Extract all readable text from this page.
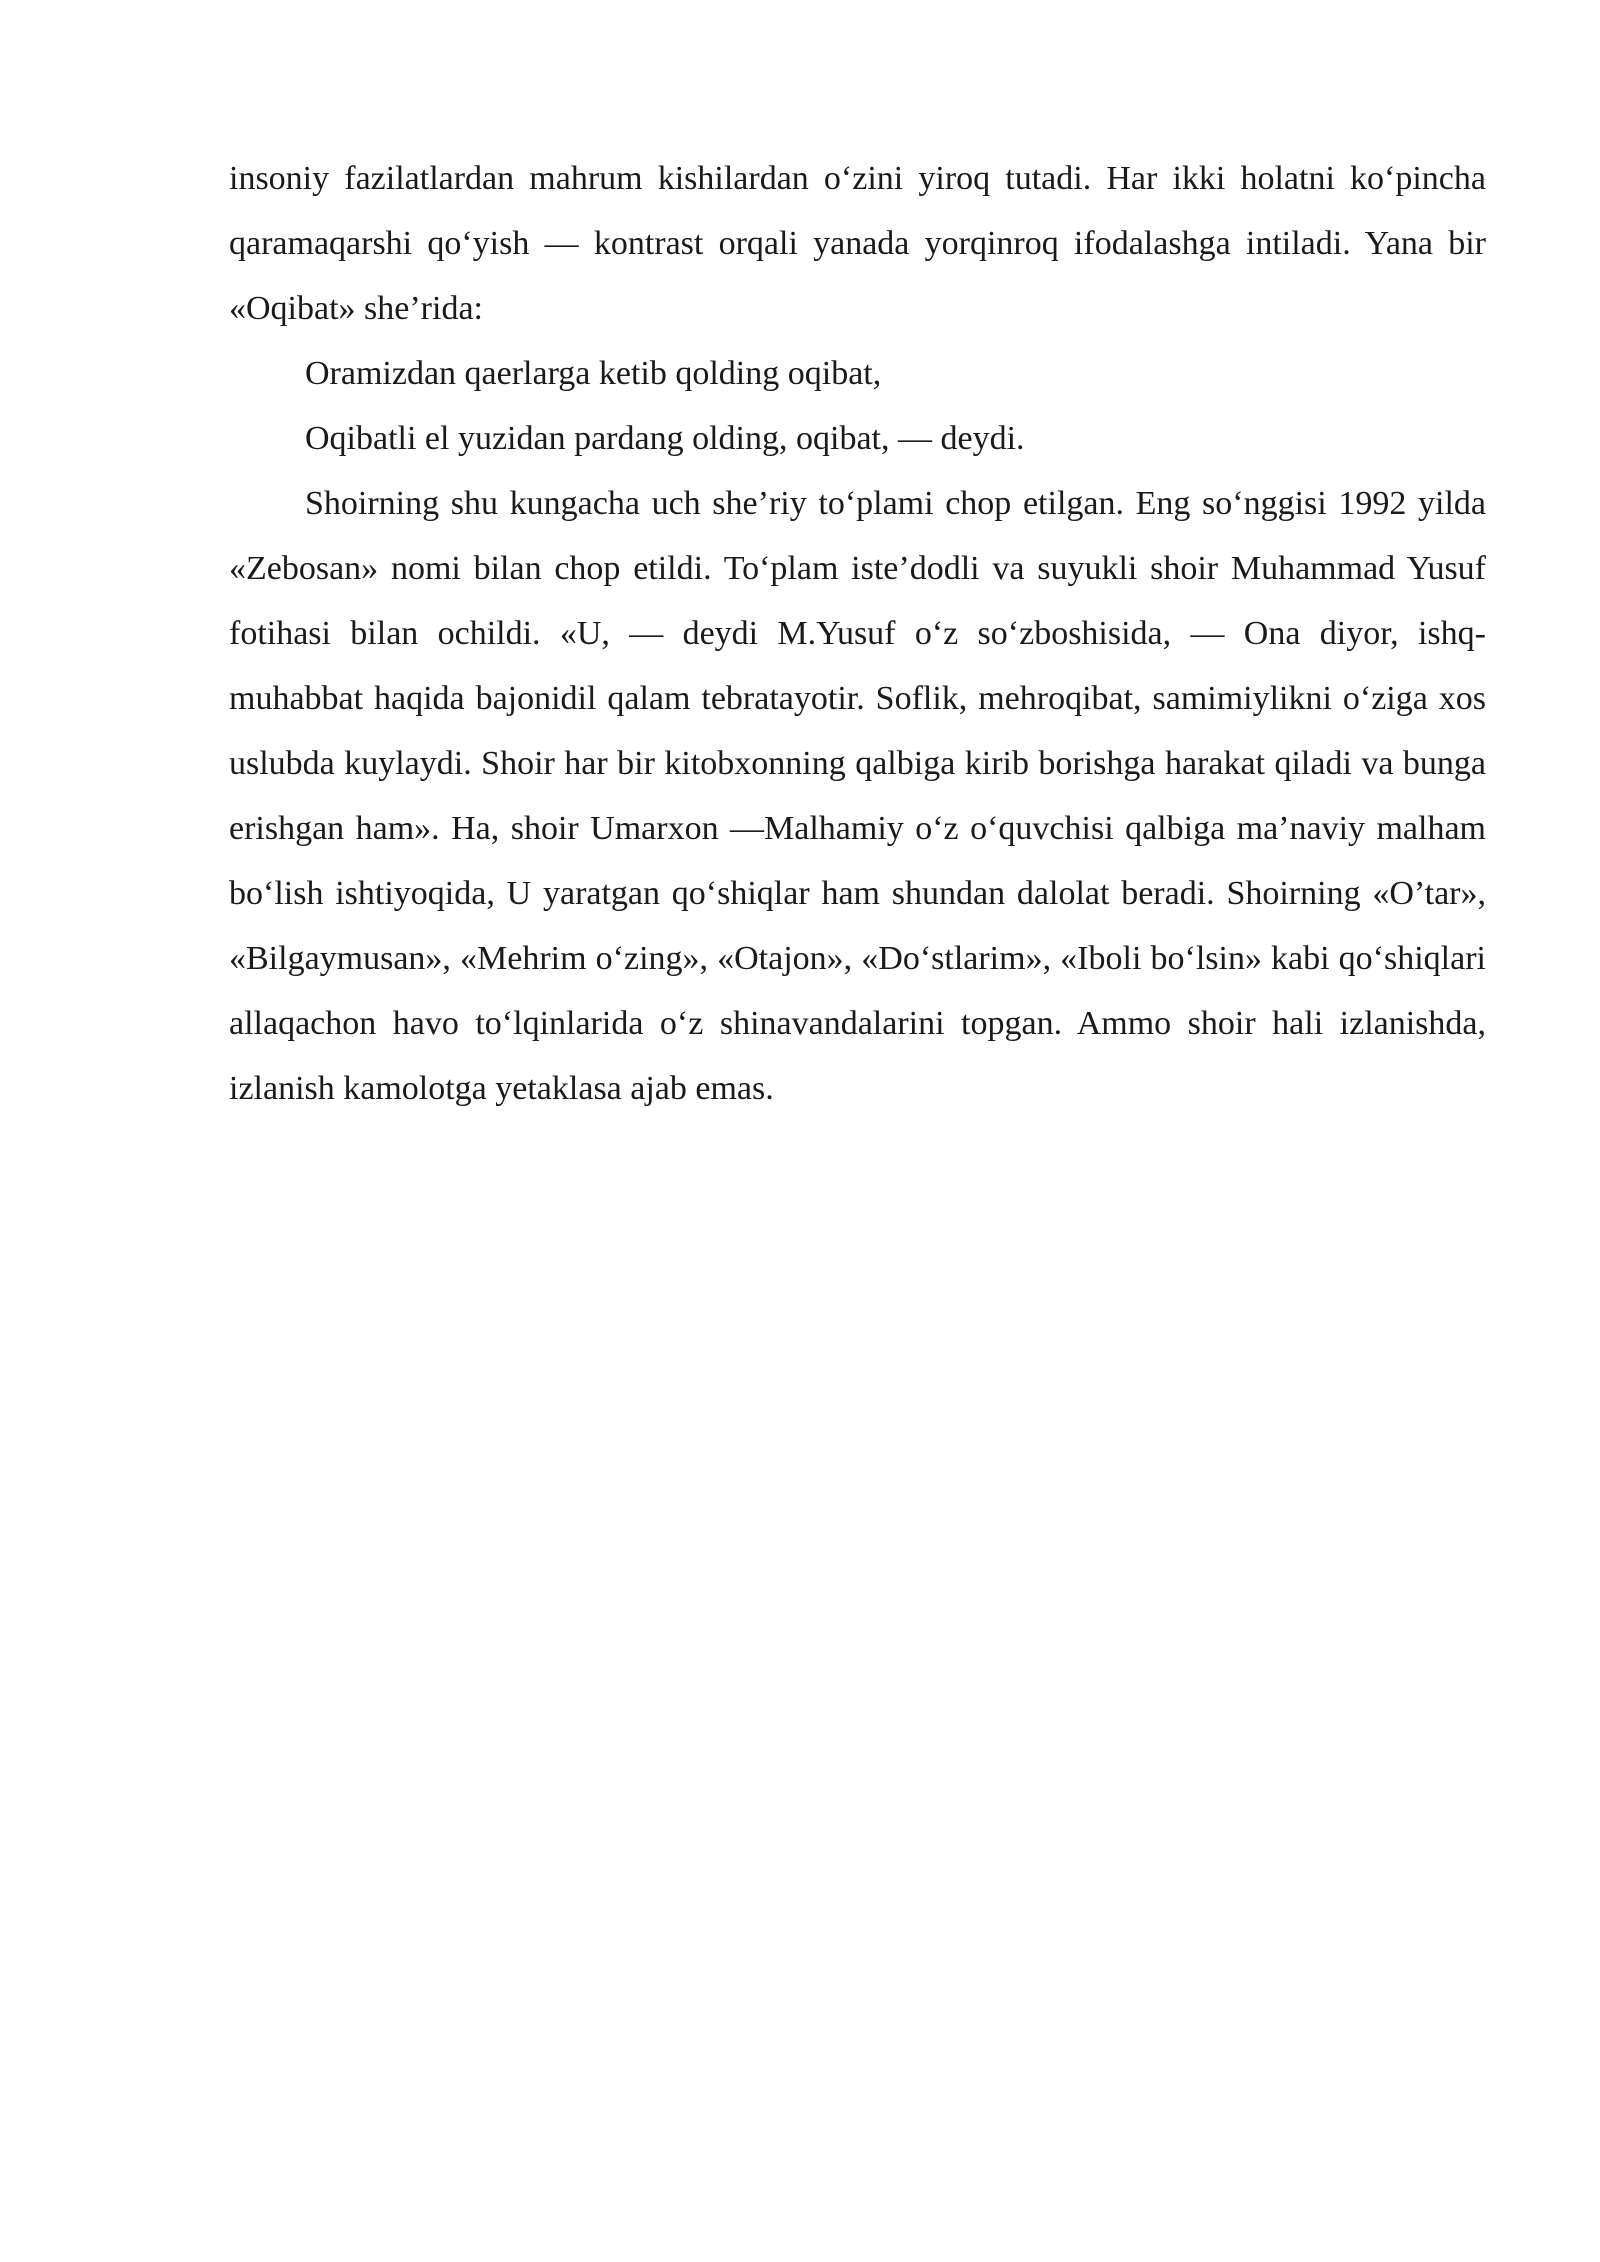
insoniy fazilatlardan mahrum kishilardan o‘zini yiroq tutadi. Har ikki holatni ko‘pincha qaramaqarshi qo‘yish — kontrast orqali yanada yorqinroq ifodalashga intiladi. Yana bir «Oqibat» she’rida:

Oramizdan qaerlarga ketib qolding oqibat,

Oqibatli el yuzidan pardang olding, oqibat, — deydi.

Shoirning shu kungacha uch she’riy to‘plami chop etilgan. Eng so‘nggisi 1992 yilda «Zebosan» nomi bilan chop etildi. To‘plam iste’dodli va suyukli shoir Muhammad Yusuf fotihasi bilan ochildi. «U, — deydi M.Yusuf o‘z so‘zboshisida, — Ona diyor, ishq-muhabbat haqida bajonidil qalam tebratayotir. Soflik, mehroqibat, samimiylikni o‘ziga xos uslubda kuylaydi. Shoir har bir kitobxonning qalbiga kirib borishga harakat qiladi va bunga erishgan ham». Ha, shoir Umarxon —Malhamiy o‘z o‘quvchisi qalbiga ma’naviy malham bo‘lish ishtiyoqida, U yaratgan qo‘shiqlar ham shundan dalolat beradi. Shoirning «O’tar», «Bilgaymusan», «Mehrim o‘zing», «Otajon», «Do‘stlarim», «Iboli bo‘lsin» kabi qo‘shiqlari allaqachon havo to‘lqinlarida o‘z shinavandalarini topgan. Ammo shoir hali izlanishda, izlanish kamolotga yetaklasa ajab emas.
